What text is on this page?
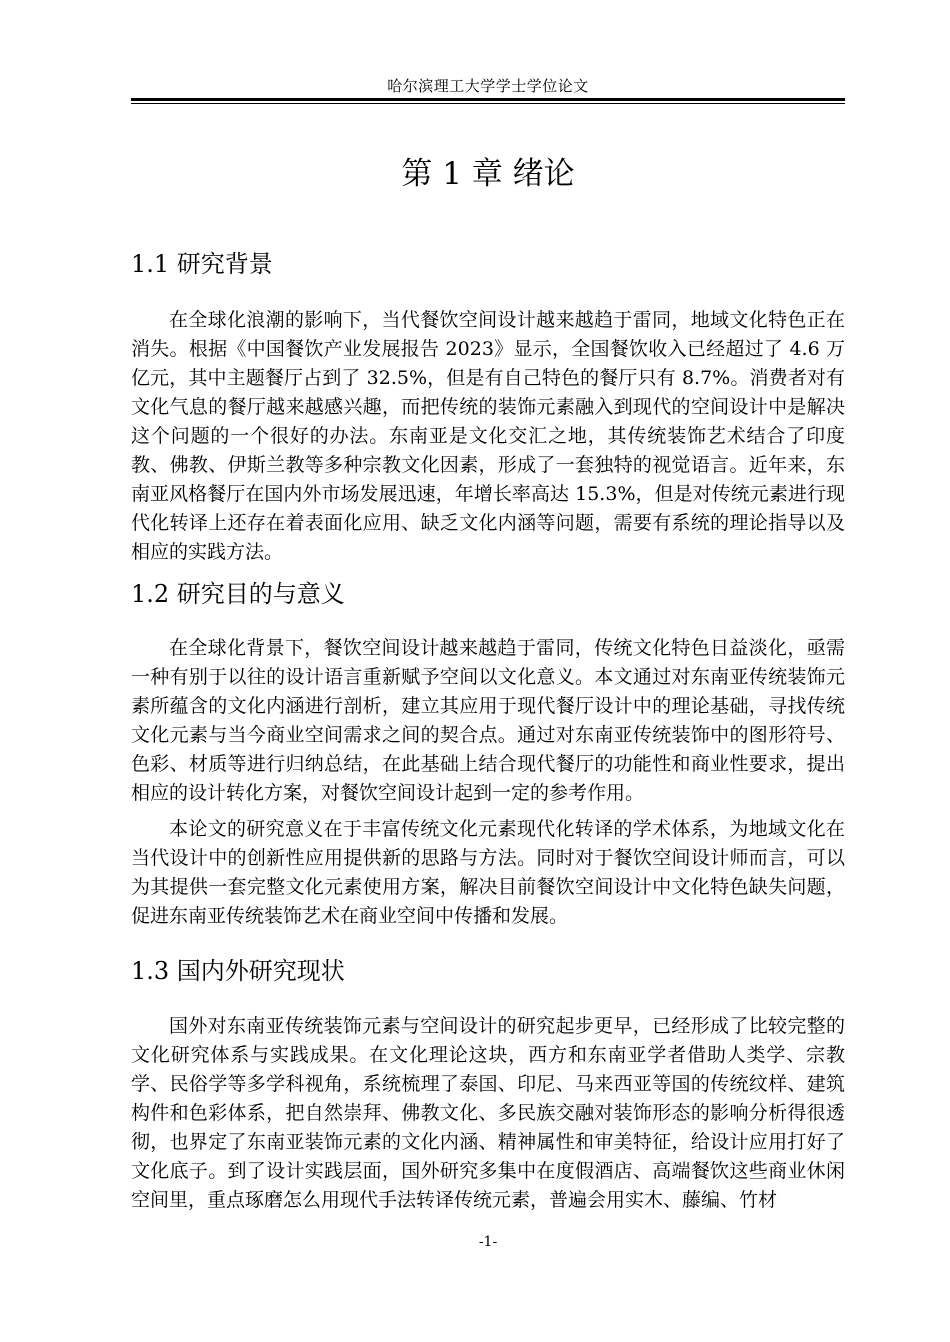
哈尔滨理工大学学士学位论文
第 1 章 绪论
1.1 研究背景

在全球化浪潮的影响下，当代餐饮空间设计越来越趋于雷同，地域文化特色正在消失。根据《中国餐饮产业发展报告 2023》显示，全国餐饮收入已经超过了 4.6 万亿元，其中主题餐厅占到了 32.5%，但是有自己特色的餐厅只有 8.7%。消费者对有文化气息的餐厅越来越感兴趣，而把传统的装饰元素融入到现代的空间设计中是解决这个问题的一个很好的办法。东南亚是文化交汇之地，其传统装饰艺术结合了印度教、佛教、伊斯兰教等多种宗教文化因素，形成了一套独特的视觉语言。近年来，东南亚风格餐厅在国内外市场发展迅速，年增长率高达 15.3%，但是对传统元素进行现代化转译上还存在着表面化应用、缺乏文化内涵等问题，需要有系统的理论指导以及相应的实践方法。

1.2 研究目的与意义

在全球化背景下，餐饮空间设计越来越趋于雷同，传统文化特色日益淡化，亟需一种有别于以往的设计语言重新赋予空间以文化意义。本文通过对东南亚传统装饰元素所蕴含的文化内涵进行剖析，建立其应用于现代餐厅设计中的理论基础，寻找传统文化元素与当今商业空间需求之间的契合点。通过对东南亚传统装饰中的图形符号、色彩、材质等进行归纳总结，在此基础上结合现代餐厅的功能性和商业性要求，提出相应的设计转化方案，对餐饮空间设计起到一定的参考作用。

本论文的研究意义在于丰富传统文化元素现代化转译的学术体系，为地域文化在当代设计中的创新性应用提供新的思路与方法。同时对于餐饮空间设计师而言，可以为其提供一套完整文化元素使用方案，解决目前餐饮空间设计中文化特色缺失问题，促进东南亚传统装饰艺术在商业空间中传播和发展。

1.3 国内外研究现状

国外对东南亚传统装饰元素与空间设计的研究起步更早，已经形成了比较完整的文化研究体系与实践成果。在文化理论这块，西方和东南亚学者借助人类学、宗教学、民俗学等多学科视角，系统梳理了泰国、印尼、马来西亚等国的传统纹样、建筑构件和色彩体系，把自然崇拜、佛教文化、多民族交融对装饰形态的影响分析得很透彻，也界定了东南亚装饰元素的文化内涵、精神属性和审美特征，给设计应用打好了文化底子。到了设计实践层面，国外研究多集中在度假酒店、高端餐饮这些商业休闲空间里，重点琢磨怎么用现代手法转译传统元素，普遍会用实木、藤编、竹材

-1-
